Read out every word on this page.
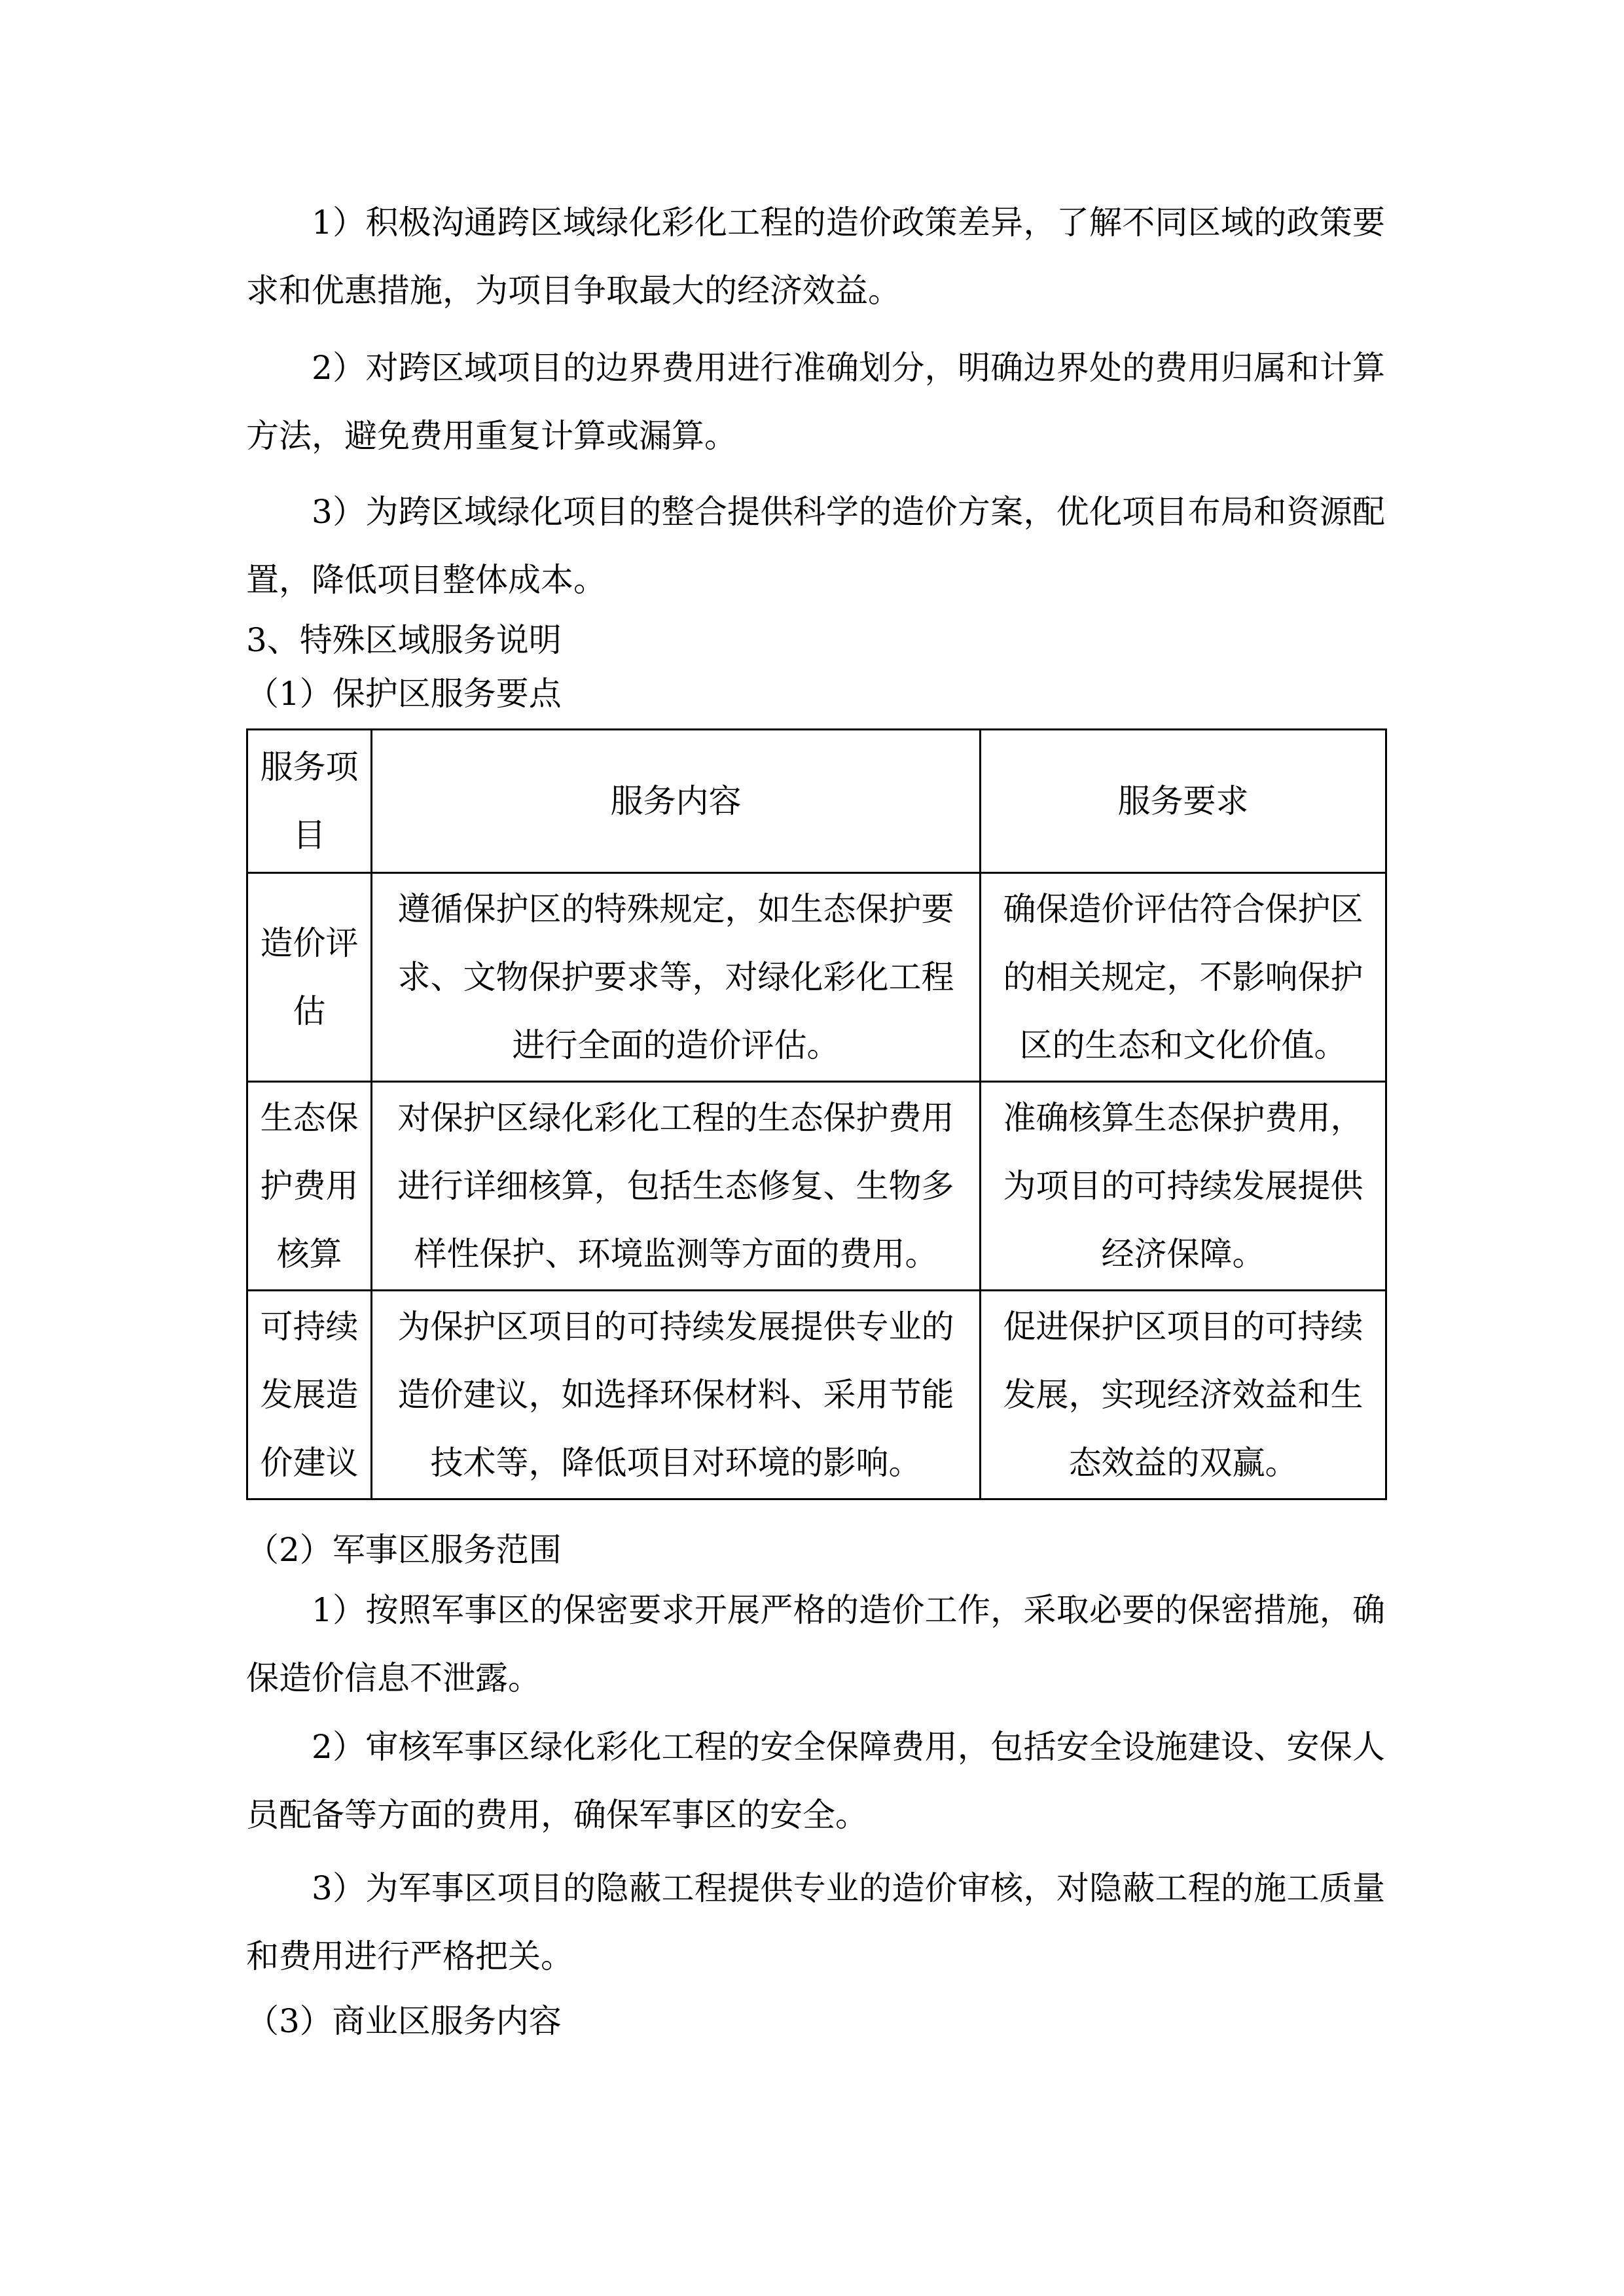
1）积极沟通跨区域绿化彩化工程的造价政策差异，了解不同区域的政策要求和优惠措施，为项目争取最大的经济效益。

2）对跨区域项目的边界费用进行准确划分，明确边界处的费用归属和计算方法，避免费用重复计算或漏算。

3）为跨区域绿化项目的整合提供科学的造价方案，优化项目布局和资源配置，降低项目整体成本。

3、特殊区域服务说明

（1）保护区服务要点

服务项目	服务内容	服务要求
造价评估	遵循保护区的特殊规定，如生态保护要求、文物保护要求等，对绿化彩化工程进行全面的造价评估。	确保造价评估符合保护区的相关规定，不影响保护区的生态和文化价值。
生态保护费用核算	对保护区绿化彩化工程的生态保护费用进行详细核算，包括生态修复、生物多样性保护、环境监测等方面的费用。	准确核算生态保护费用，为项目的可持续发展提供经济保障。
可持续发展造价建议	为保护区项目的可持续发展提供专业的造价建议，如选择环保材料、采用节能技术等，降低项目对环境的影响。	促进保护区项目的可持续发展，实现经济效益和生态效益的双赢。

（2）军事区服务范围

1）按照军事区的保密要求开展严格的造价工作，采取必要的保密措施，确保造价信息不泄露。

2）审核军事区绿化彩化工程的安全保障费用，包括安全设施建设、安保人员配备等方面的费用，确保军事区的安全。

3）为军事区项目的隐蔽工程提供专业的造价审核，对隐蔽工程的施工质量和费用进行严格把关。

（3）商业区服务内容
